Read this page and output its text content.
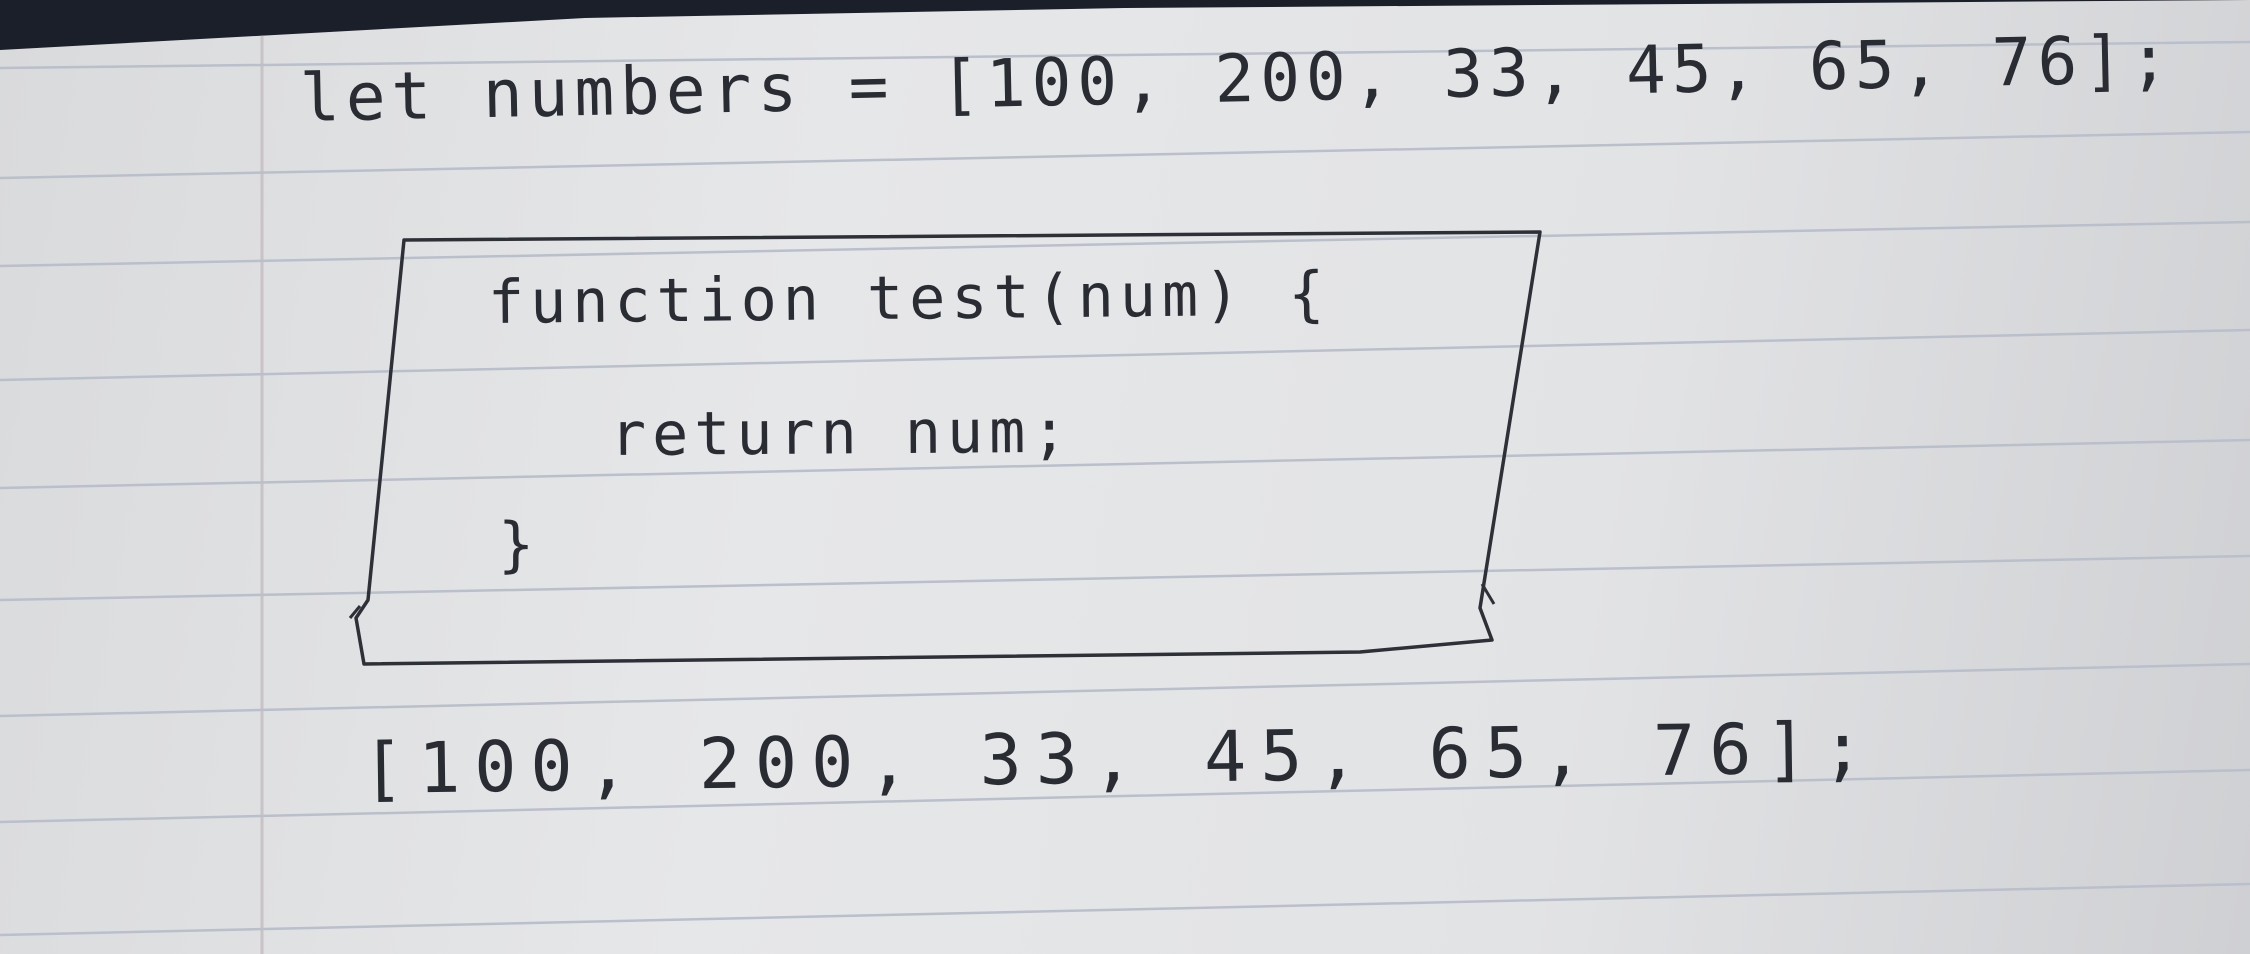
let numbers = [100, 200, 33, 45, 65, 76];

function test(num) {

return num;

}

[100, 200, 33, 45, 65, 76];
